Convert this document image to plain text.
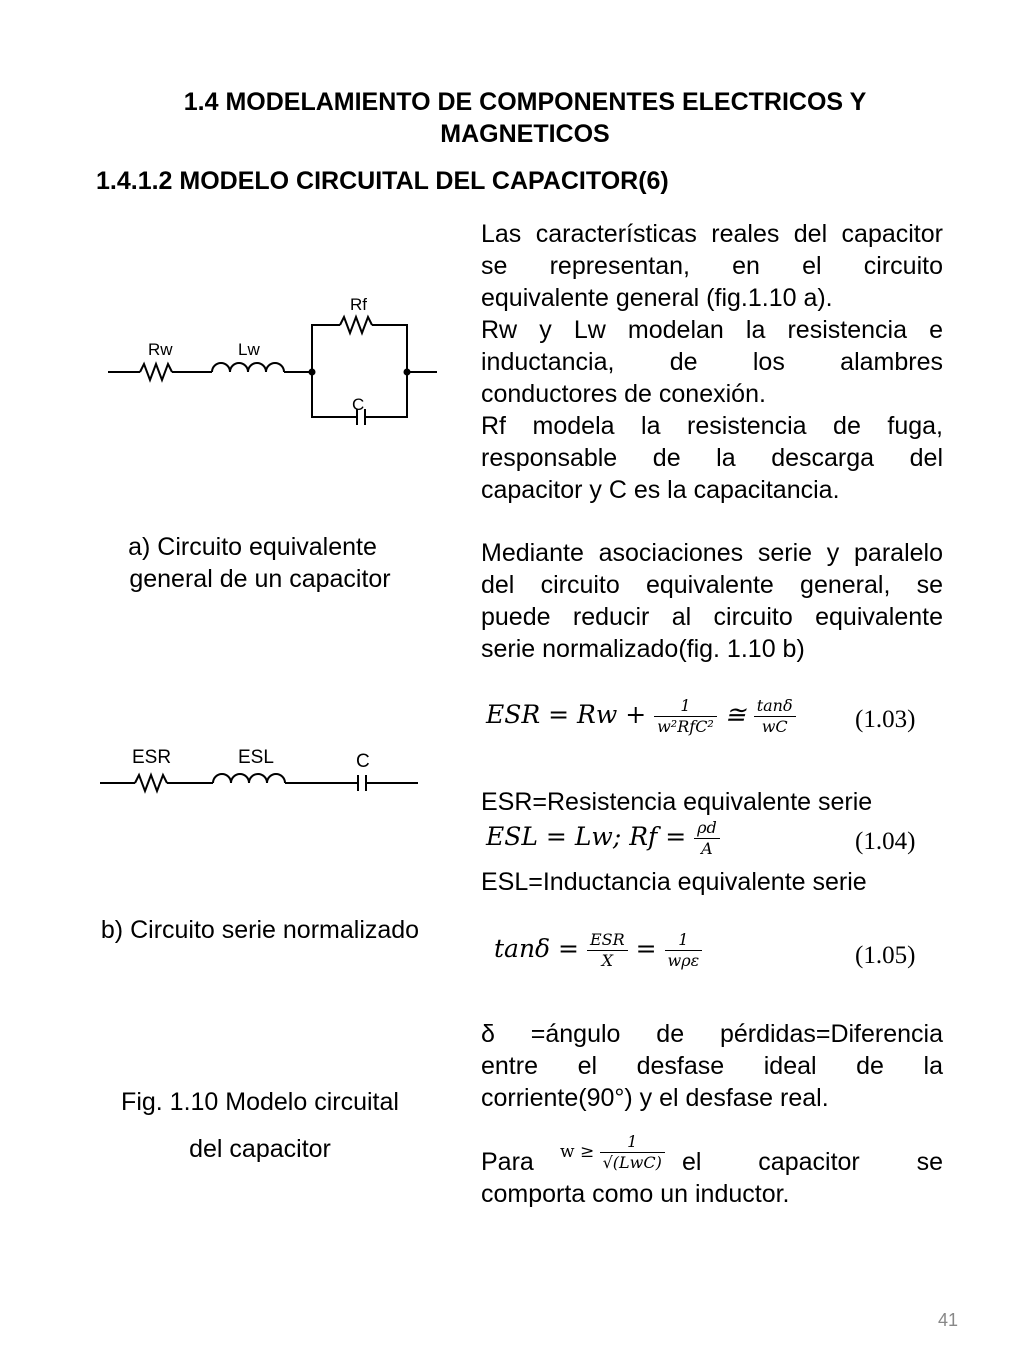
1.4 MODELAMIENTO DE COMPONENTES ELECTRICOS Y
MAGNETICOS
1.4.1.2 MODELO CIRCUITAL DEL CAPACITOR(6)
Rw	Lw
Rf
C
a) Circuito equivalente
general de un capacitor
ESR	ESL	C
b) Circuito serie normalizado
Fig. 1.10 Modelo circuital
del capacitor
Las características reales del capacitor
se representan, en el circuito
equivalente general (fig.1.10 a).
Rw y Lw modelan la resistencia e
inductancia, de los alambres
conductores de conexión.
Rf modela la resistencia de fuga,
responsable de la descarga del
capacitor y C es la capacitancia.
Mediante asociaciones serie y paralelo
del circuito equivalente general, se
puede reducir al circuito equivalente
serie normalizado(fig. 1.10 b)
ESR = $Rw + \frac{1}{\text{w²RfC²}}$ ≅ $\frac{\tan\delta}{wC} (1.03)$
ESR=Resistencia equivalente serie
ESL = Lw; $Rf = \frac{\rho d}{A}$	(1.04)
ESL=Inductancia equivalente serie
$\tan\delta = \frac{\text{ESR}}{X} = \frac{1}{\text{wρε}}$	(1.05)
δ =ángulo de pérdidas=Diferencia
entre el desfase ideal de la
corriente(90°) y el desfase real.
Para	$w \ge \frac{1}{\text{√(LwC)}}$ el capacitor se
comporta como un inductor.
41
